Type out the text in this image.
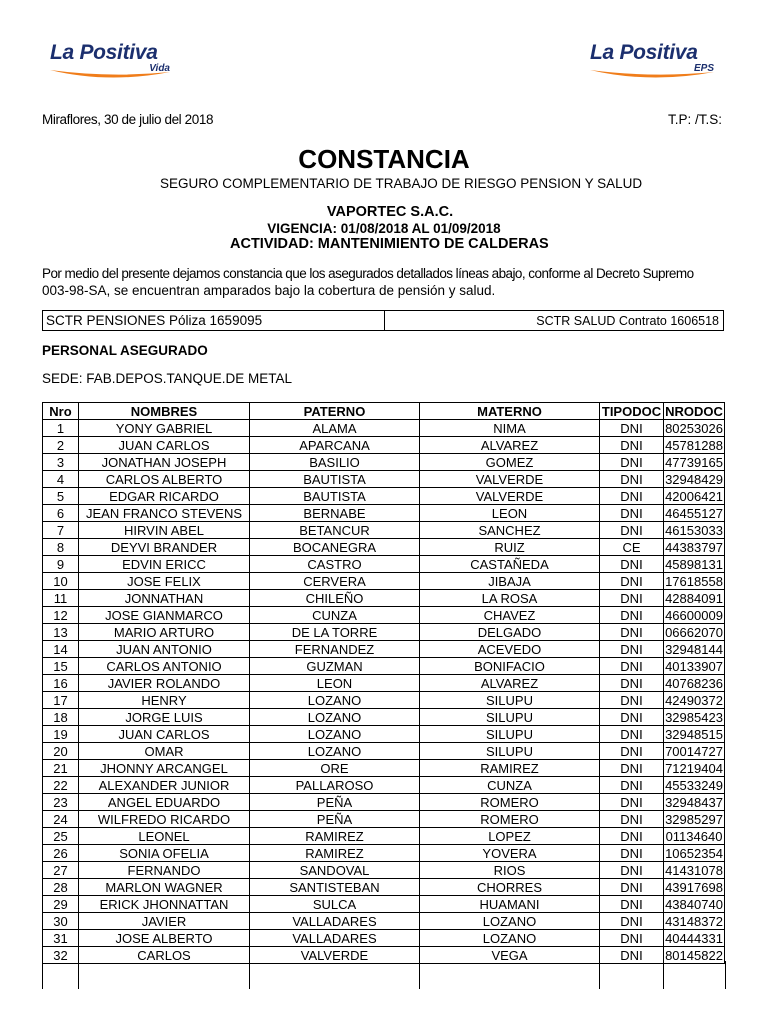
La Positiva
Vida
La Positiva
EPS
Miraflores, 30 de julio del 2018	T.P: /T.S:
CONSTANCIA
SEGURO COMPLEMENTARIO DE TRABAJO DE RIESGO PENSION Y SALUD
VAPORTEC S.A.C.
VIGENCIA: 01/08/2018 AL 01/09/2018
ACTIVIDAD: MANTENIMIENTO DE CALDERAS
Por medio del presente dejamos constancia que los asegurados detallados líneas abajo, conforme al Decreto Supremo
003-98-SA, se encuentran amparados bajo la cobertura de pensión y salud.
SCTR PENSIONES Póliza 1659095	SCTR SALUD Contrato 1606518
PERSONAL ASEGURADO
SEDE: FAB.DEPOS.TANQUE.DE METAL
Nro	NOMBRES	PATERNO	MATERNO	TIPODOC	NRODOC
1	YONY GABRIEL	ALAMA	NIMA	DNI	80253026
2	JUAN CARLOS	APARCANA	ALVAREZ	DNI	45781288
3	JONATHAN JOSEPH	BASILIO	GOMEZ	DNI	47739165
4	CARLOS ALBERTO	BAUTISTA	VALVERDE	DNI	32948429
5	EDGAR RICARDO	BAUTISTA	VALVERDE	DNI	42006421
6	JEAN FRANCO STEVENS	BERNABE	LEON	DNI	46455127
7	HIRVIN ABEL	BETANCUR	SANCHEZ	DNI	46153033
8	DEYVI BRANDER	BOCANEGRA	RUIZ	CE	44383797
9	EDVIN ERICC	CASTRO	CASTAÑEDA	DNI	45898131
10	JOSE FELIX	CERVERA	JIBAJA	DNI	17618558
11	JONNATHAN	CHILEÑO	LA ROSA	DNI	42884091
12	JOSE GIANMARCO	CUNZA	CHAVEZ	DNI	46600009
13	MARIO ARTURO	DE LA TORRE	DELGADO	DNI	06662070
14	JUAN ANTONIO	FERNANDEZ	ACEVEDO	DNI	32948144
15	CARLOS ANTONIO	GUZMAN	BONIFACIO	DNI	40133907
16	JAVIER ROLANDO	LEON	ALVAREZ	DNI	40768236
17	HENRY	LOZANO	SILUPU	DNI	42490372
18	JORGE LUIS	LOZANO	SILUPU	DNI	32985423
19	JUAN CARLOS	LOZANO	SILUPU	DNI	32948515
20	OMAR	LOZANO	SILUPU	DNI	70014727
21	JHONNY ARCANGEL	ORE	RAMIREZ	DNI	71219404
22	ALEXANDER JUNIOR	PALLAROSO	CUNZA	DNI	45533249
23	ANGEL EDUARDO	PEÑA	ROMERO	DNI	32948437
24	WILFREDO RICARDO	PEÑA	ROMERO	DNI	32985297
25	LEONEL	RAMIREZ	LOPEZ	DNI	01134640
26	SONIA OFELIA	RAMIREZ	YOVERA	DNI	10652354
27	FERNANDO	SANDOVAL	RIOS	DNI	41431078
28	MARLON WAGNER	SANTISTEBAN	CHORRES	DNI	43917698
29	ERICK JHONNATTAN	SULCA	HUAMANI	DNI	43840740
30	JAVIER	VALLADARES	LOZANO	DNI	43148372
31	JOSE ALBERTO	VALLADARES	LOZANO	DNI	40444331
32	CARLOS	VALVERDE	VEGA	DNI	80145822
